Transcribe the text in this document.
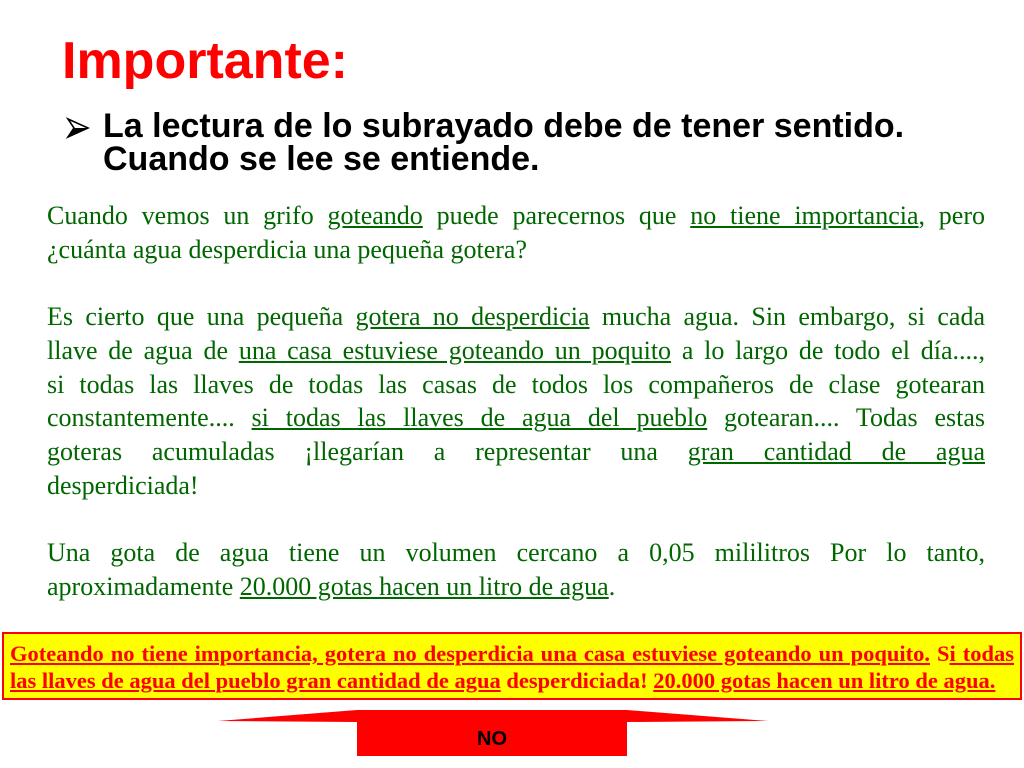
Importante:
La lectura de lo subrayado debe de tener sentido. Cuando se lee se entiende.
Cuando vemos un grifo goteando puede parecernos que no tiene importancia, pero
¿cuánta agua desperdicia una pequeña gotera?
Es cierto que una pequeña gotera no desperdicia mucha agua. Sin embargo, si cada
llave de agua de una casa estuviese goteando un poquito a lo largo de todo el día....,
si todas las llaves de todas las casas de todos los compañeros de clase gotearan
constantemente.... si todas las llaves de agua del pueblo gotearan.... Todas estas
goteras acumuladas ¡llegarían a representar una gran cantidad de agua
desperdiciada!
Una gota de agua tiene un volumen cercano a 0,05 mililitros Por lo tanto,
aproximadamente 20.000 gotas hacen un litro de agua.
Goteando no tiene importancia, gotera no desperdicia una casa estuviese goteando un poquito. Si todas
las llaves de agua del pueblo gran cantidad de agua desperdiciada! 20.000 gotas hacen un litro de agua.
NO
